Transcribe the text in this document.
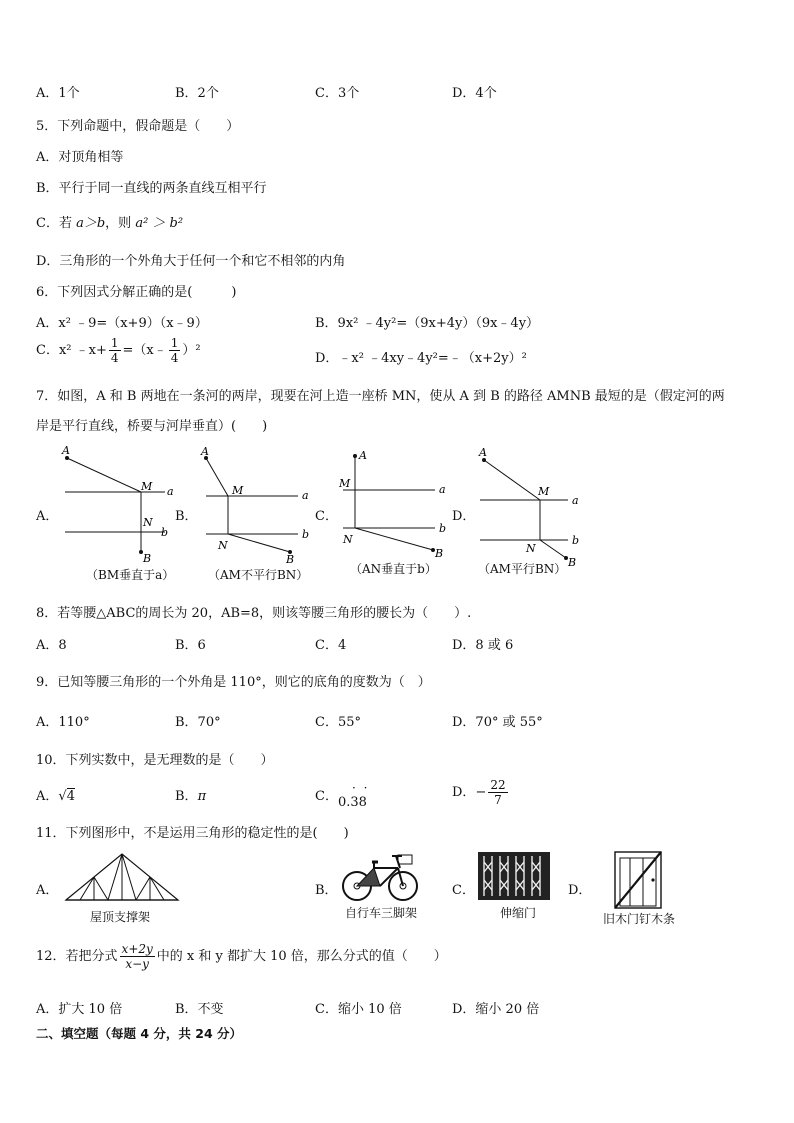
A．1个	B．2个	C．3个	D．4个
5．下列命题中，假命题是（　　）
A．对顶角相等
B．平行于同一直线的两条直线互相平行
C．若 a＞b，则 a² ＞ b²
D．三角形的一个外角大于任何一个和它不相邻的内角
6．下列因式分解正确的是(　　　)
A．x² ﹣9=（x+9）（x﹣9）	B．9x² ﹣4y²=（9x+4y）（9x﹣4y）
C．x² ﹣x+ $\frac{1}{4}$ =（x﹣ $\frac{1}{4} )^2$
D．﹣x² ﹣4xy﹣4y²=﹣（x+2y）²
7．如图，A 和 B 两地在一条河的两岸，现要在河上造一座桥 MN，使从 A 到 B 的路径 AMNB 最短的是（假定河的两
岸是平行直线，桥要与河岸垂直）(　　)
A．	B．	C．	D．
A
M
N
B
a
b
（BM垂直于a）
A
M
N
B
a
b
（AM不平行BN）
A
M
N
B
a
b
（AN垂直于b）
A
M
N
B
a
b
（AM平行BN）
8．若等腰△ABC的周长为 20，AB=8，则该等腰三角形的腰长为（　　）.
A．8	B．6	C．4	D．8 或 6
9．已知等腰三角形的一个外角是 110°，则它的底角的度数为（　）
A．110°	B．70°	C．55°	D．70° 或 55°
10．下列实数中，是无理数的是（　　）
A．√4	B．π	C．
· ·
0.38
D．− $\frac{22}{7}$
11．下列图形中，不是运用三角形的稳定性的是(　　)
A．	B．	C．	D．
屋顶支撑架	自行车三脚架	伸缩门	旧木门钉木条
12．若把分式 $\frac{x+2y}{x-y}$ 中的 x 和 y 都扩大 10 倍，那么分式的值（　　）
A．扩大 10 倍	B．不变	C．缩小 10 倍	D．缩小 20 倍
二、填空题（每题 4 分，共 24 分）
